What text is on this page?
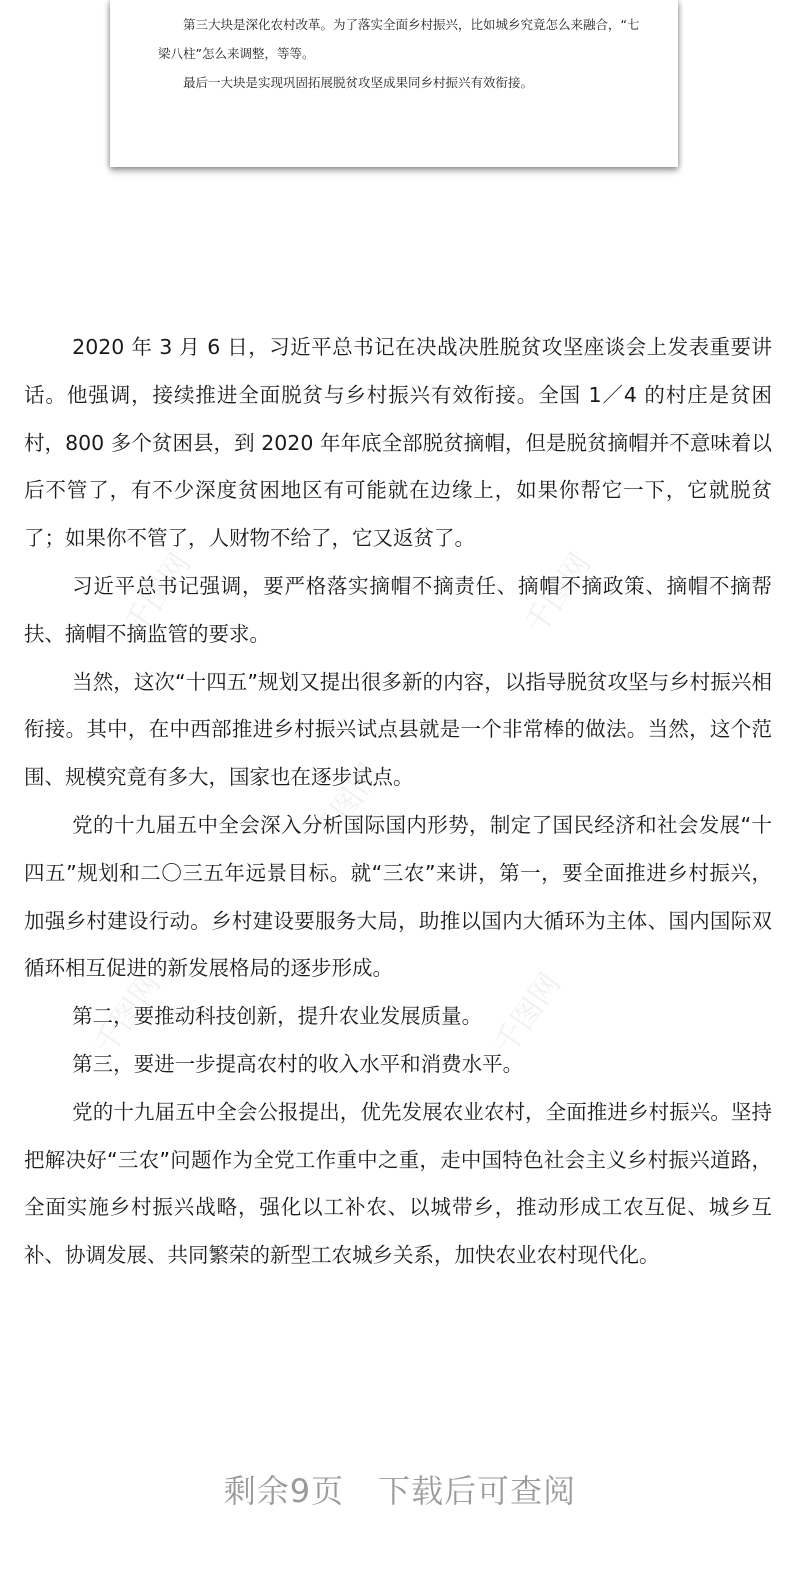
第三大块是深化农村改革。为了落实全面乡村振兴，比如城乡究竟怎么来融合，“七梁八柱”怎么来调整，等等。

最后一大块是实现巩固拓展脱贫攻坚成果同乡村振兴有效衔接。

千图网	千图网
千图网
千图网	千图网

2020 年 3 月 6 日，习近平总书记在决战决胜脱贫攻坚座谈会上发表重要讲话。他强调，接续推进全面脱贫与乡村振兴有效衔接。全国 1／4 的村庄是贫困村，800 多个贫困县，到 2020 年年底全部脱贫摘帽，但是脱贫摘帽并不意味着以后不管了，有不少深度贫困地区有可能就在边缘上，如果你帮它一下，它就脱贫了；如果你不管了，人财物不给了，它又返贫了。

习近平总书记强调，要严格落实摘帽不摘责任、摘帽不摘政策、摘帽不摘帮扶、摘帽不摘监管的要求。

当然，这次“十四五”规划又提出很多新的内容，以指导脱贫攻坚与乡村振兴相衔接。其中，在中西部推进乡村振兴试点县就是一个非常棒的做法。当然，这个范围、规模究竟有多大，国家也在逐步试点。

党的十九届五中全会深入分析国际国内形势，制定了国民经济和社会发展“十四五”规划和二〇三五年远景目标。就“三农”来讲，第一，要全面推进乡村振兴，加强乡村建设行动。乡村建设要服务大局，助推以国内大循环为主体、国内国际双循环相互促进的新发展格局的逐步形成。

第二，要推动科技创新，提升农业发展质量。

第三，要进一步提高农村的收入水平和消费水平。

党的十九届五中全会公报提出，优先发展农业农村，全面推进乡村振兴。坚持把解决好“三农”问题作为全党工作重中之重，走中国特色社会主义乡村振兴道路，全面实施乡村振兴战略，强化以工补农、以城带乡，推动形成工农互促、城乡互补、协调发展、共同繁荣的新型工农城乡关系，加快农业农村现代化。

剩余9页 下载后可查阅
